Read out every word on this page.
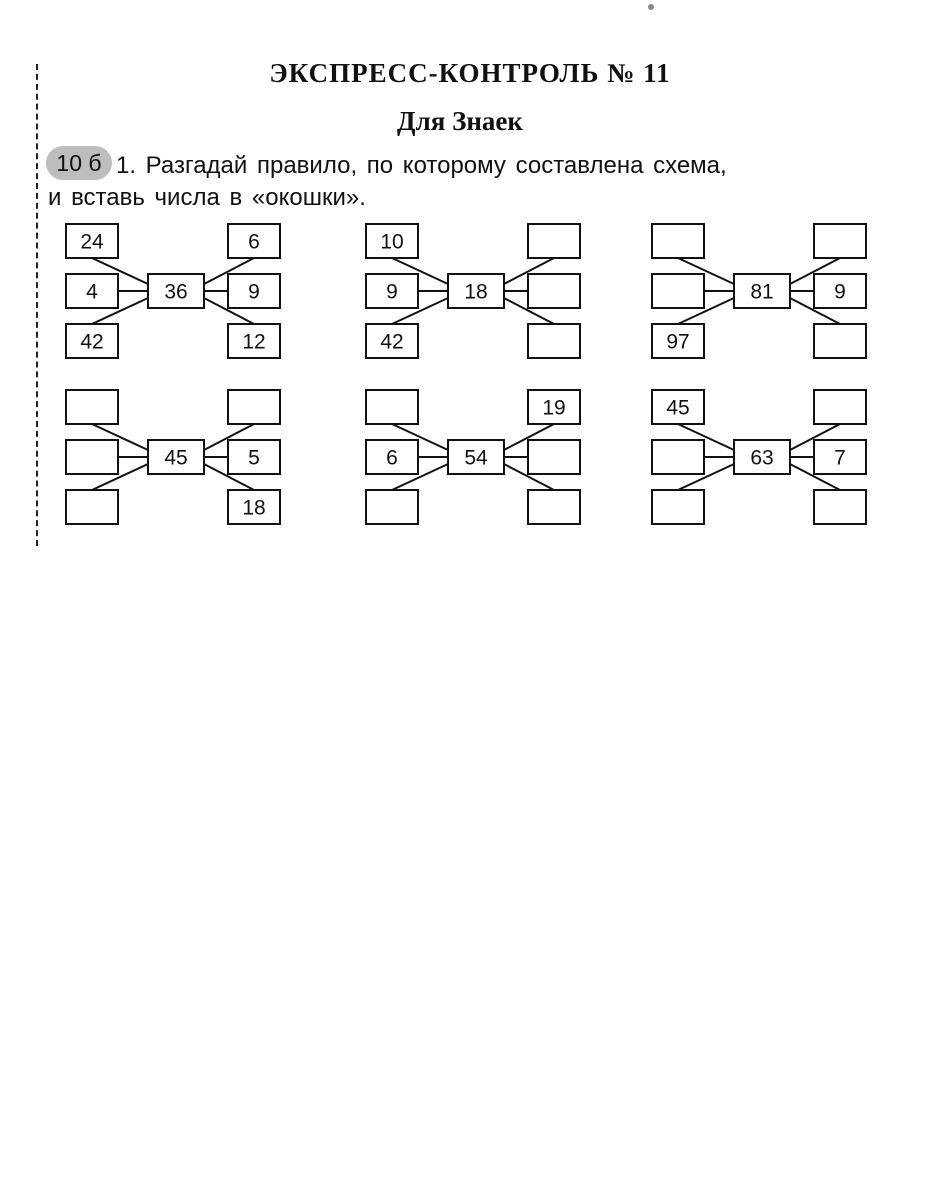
ЭКСПРЕСС-КОНТРОЛЬ № 11
Для Знаек
10 б 1. Разгадай правило, по которому составлена схема,
и вставь числа в «окошки».
24
4
42
6
9
12
36
10
9
42
18
97
9
81
5
18
45	6
19
54
45
7
63
